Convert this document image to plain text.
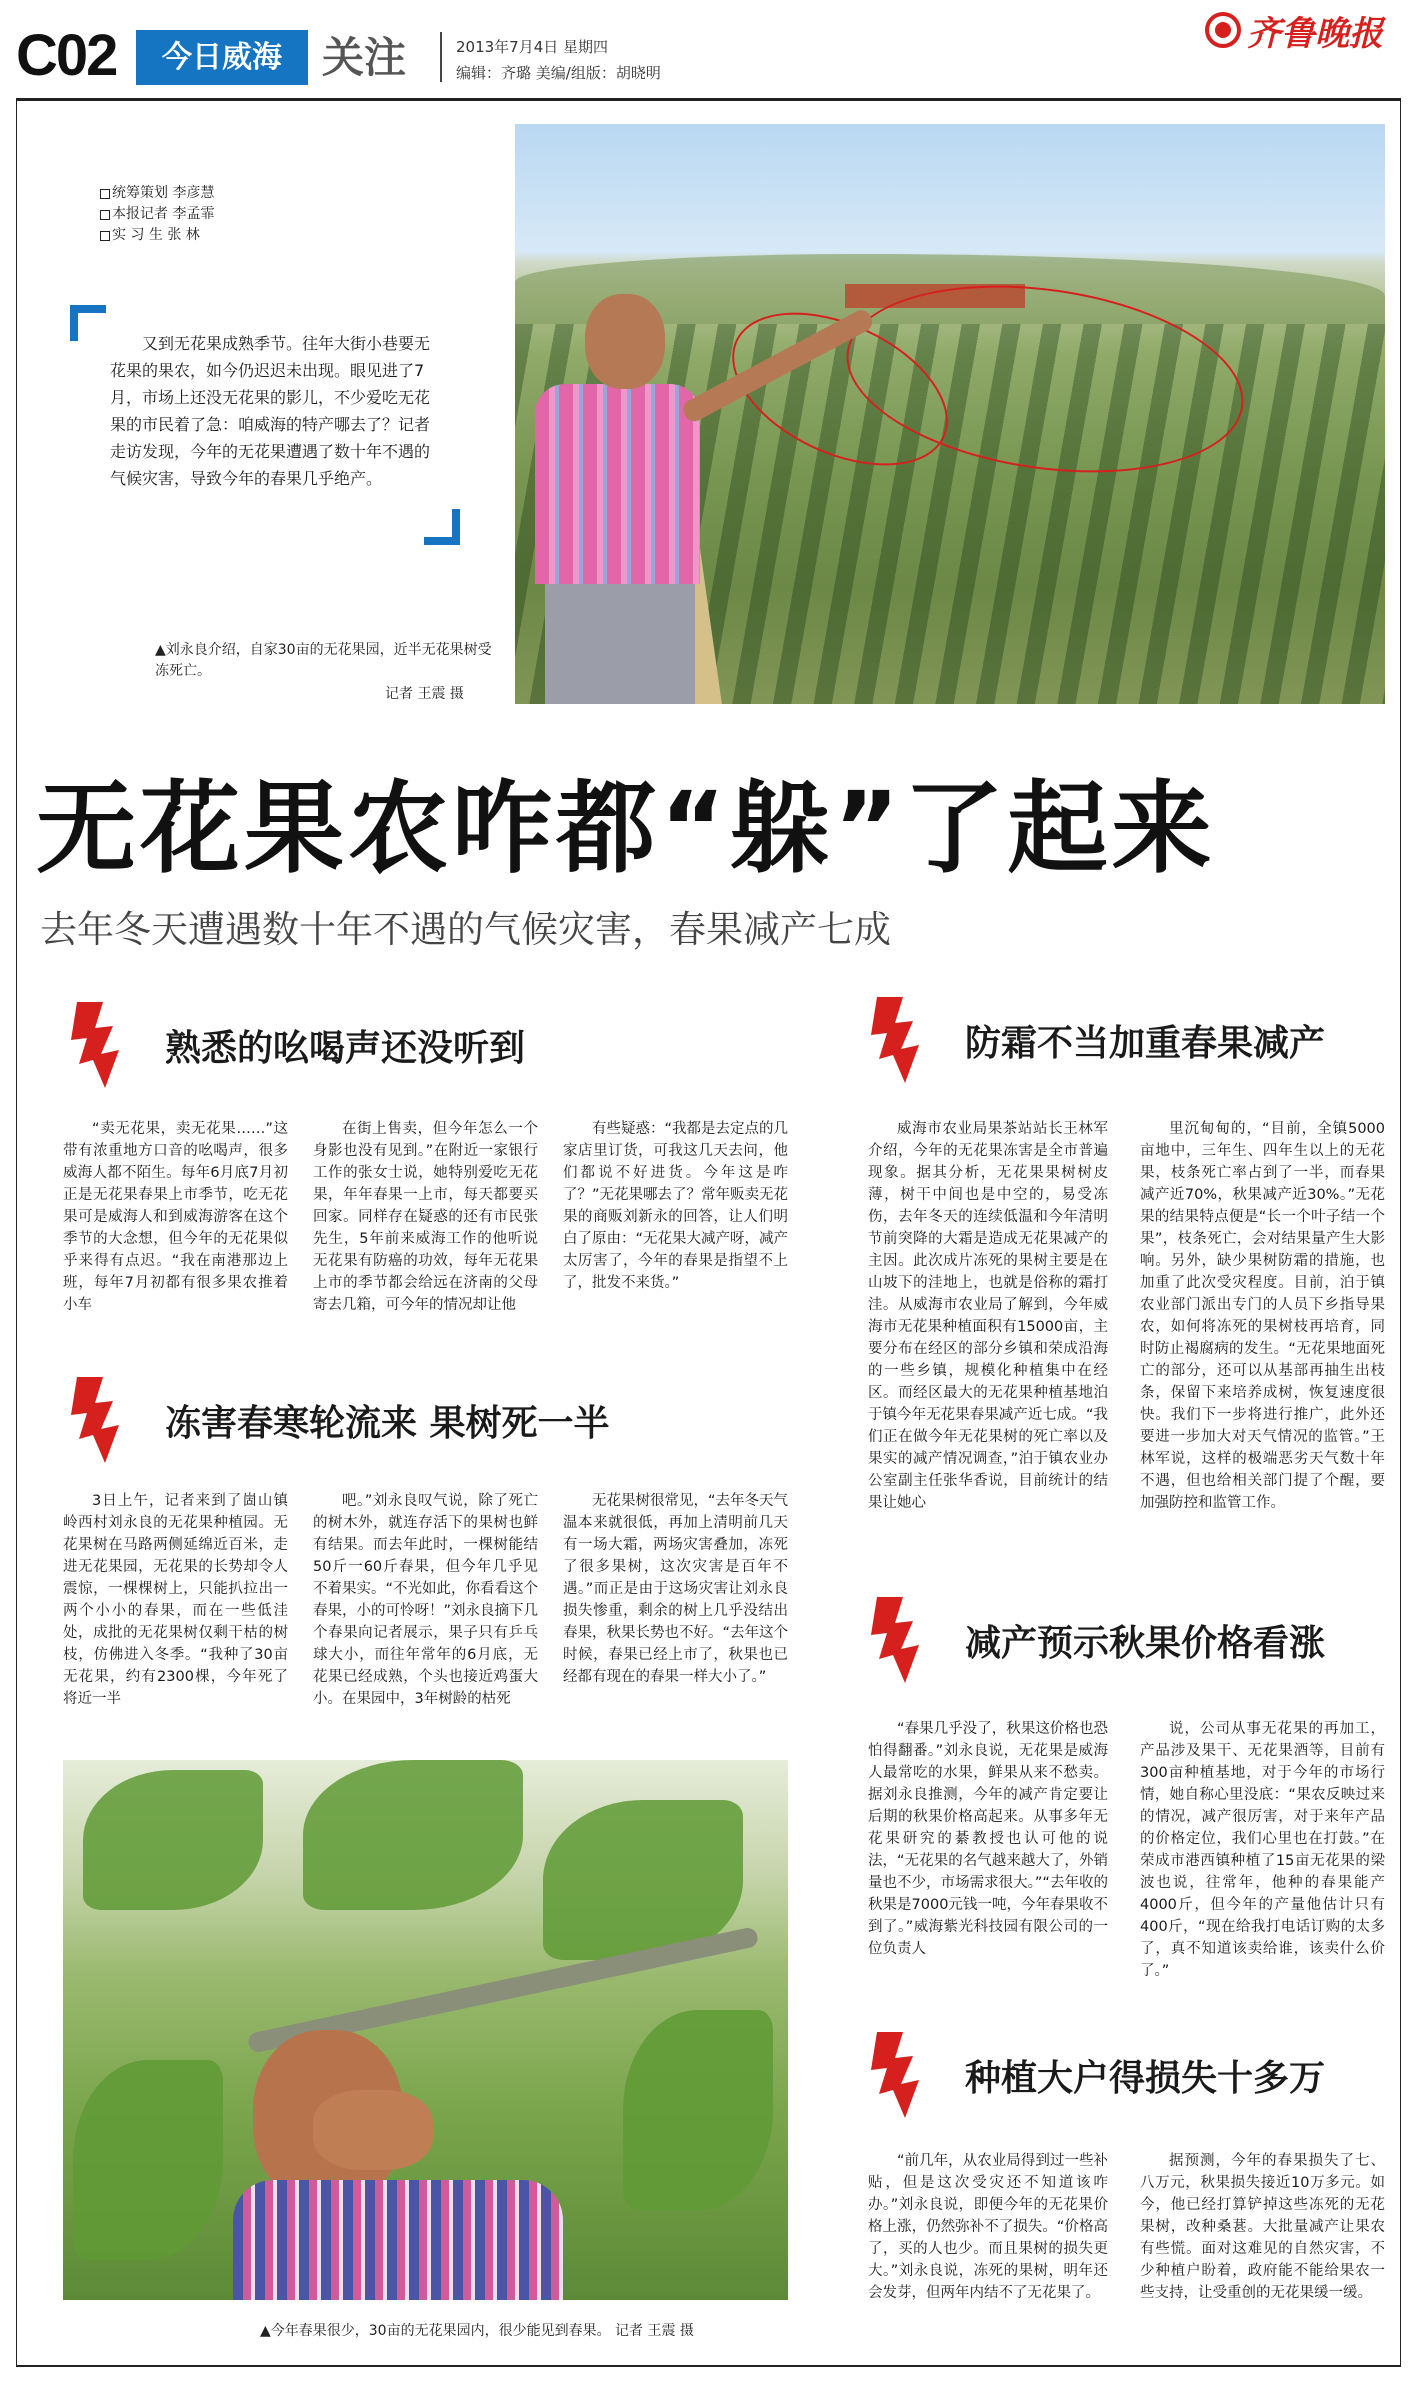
C02	今日威海 关注	2013年7月4日 星期四
编辑：齐璐 美编/组版：胡晓明
齐鲁晚报
统筹策划 李彦慧
本报记者 李孟霏
实 习 生 张 林
又到无花果成熟季节。往年大街小巷要无花果的果农，如今仍迟迟未出现。眼见进了7月，市场上还没无花果的影儿，不少爱吃无花果的市民着了急：咱威海的特产哪去了？记者走访发现，今年的无花果遭遇了数十年不遇的气候灾害，导致今年的春果几乎绝产。
▲刘永良介绍，自家30亩的无花果园，近半无花果树受冻死亡。
记者 王震 摄
无花果农咋都“躲”了起来
去年冬天遭遇数十年不遇的气候灾害，春果减产七成
熟悉的吆喝声还没听到

“卖无花果，卖无花果……”这带有浓重地方口音的吆喝声，很多威海人都不陌生。每年6月底7月初正是无花果春果上市季节，吃无花果可是威海人和到威海游客在这个季节的大念想，但今年的无花果似乎来得有点迟。“我在南港那边上班，每年7月初都有很多果农推着小车

在街上售卖，但今年怎么一个身影也没有见到。”在附近一家银行工作的张女士说，她特别爱吃无花果，年年春果一上市，每天都要买回家。同样存在疑惑的还有市民张先生，5年前来威海工作的他听说无花果有防癌的功效，每年无花果上市的季节都会给远在济南的父母寄去几箱，可今年的情况却让他

有些疑惑：“我都是去定点的几家店里订货，可我这几天去问，他们都说不好进货。今年这是咋了？”无花果哪去了？常年贩卖无花果的商贩刘新永的回答，让人们明白了原由：“无花果大减产呀，减产太厉害了，今年的春果是指望不上了，批发不来货。”

冻害春寒轮流来 果树死一半

3日上午，记者来到了崮山镇岭西村刘永良的无花果种植园。无花果树在马路两侧延绵近百米，走进无花果园，无花果的长势却令人震惊，一棵棵树上，只能扒拉出一两个小小的春果，而在一些低洼处，成批的无花果树仅剩干枯的树枝，仿佛进入冬季。“我种了30亩无花果，约有2300棵，今年死了将近一半

吧。”刘永良叹气说，除了死亡的树木外，就连存活下的果树也鲜有结果。而去年此时，一棵树能结50斤一60斤春果，但今年几乎见不着果实。“不光如此，你看看这个春果，小的可怜呀！”刘永良摘下几个春果向记者展示，果子只有乒乓球大小，而往年常年的6月底，无花果已经成熟，个头也接近鸡蛋大小。在果园中，3年树龄的枯死

无花果树很常见，“去年冬天气温本来就很低，再加上清明前几天有一场大霜，两场灾害叠加，冻死了很多果树，这次灾害是百年不遇。”而正是由于这场灾害让刘永良损失惨重，剩余的树上几乎没结出春果，秋果长势也不好。“去年这个时候，春果已经上市了，秋果也已经都有现在的春果一样大小了。”

▲今年春果很少，30亩的无花果园内，很少能见到春果。 记者 王震 摄
防霜不当加重春果减产

威海市农业局果茶站站长王林军介绍，今年的无花果冻害是全市普遍现象。据其分析，无花果果树树皮薄，树干中间也是中空的，易受冻伤，去年冬天的连续低温和今年清明节前突降的大霜是造成无花果减产的主因。此次成片冻死的果树主要是在山坡下的洼地上，也就是俗称的霜打洼。从威海市农业局了解到，今年威海市无花果种植面积有15000亩，主要分布在经区的部分乡镇和荣成沿海的一些乡镇，规模化种植集中在经区。而经区最大的无花果种植基地泊于镇今年无花果春果减产近七成。“我们正在做今年无花果树的死亡率以及果实的减产情况调查，”泊于镇农业办公室副主任张华香说，目前统计的结果让她心

里沉甸甸的，“目前，全镇5000亩地中，三年生、四年生以上的无花果，枝条死亡率占到了一半，而春果减产近70%，秋果减产近30%。”无花果的结果特点便是“长一个叶子结一个果”，枝条死亡，会对结果量产生大影响。另外，缺少果树防霜的措施，也加重了此次受灾程度。目前，泊于镇农业部门派出专门的人员下乡指导果农，如何将冻死的果树枝再培育，同时防止褐腐病的发生。“无花果地面死亡的部分，还可以从基部再抽生出枝条，保留下来培养成树，恢复速度很快。我们下一步将进行推广，此外还要进一步加大对天气情况的监管。”王林军说，这样的极端恶劣天气数十年不遇，但也给相关部门提了个醒，要加强防控和监管工作。

减产预示秋果价格看涨

“春果几乎没了，秋果这价格也恐怕得翻番。”刘永良说，无花果是威海人最常吃的水果，鲜果从来不愁卖。据刘永良推测，今年的减产肯定要让后期的秋果价格高起来。从事多年无花果研究的綦教授也认可他的说法，“无花果的名气越来越大了，外销量也不少，市场需求很大。”“去年收的秋果是7000元钱一吨，今年春果收不到了。”威海紫光科技园有限公司的一位负责人

说，公司从事无花果的再加工，产品涉及果干、无花果酒等，目前有300亩种植基地，对于今年的市场行情，她自称心里没底：“果农反映过来的情况，减产很厉害，对于来年产品的价格定位，我们心里也在打鼓。”在荣成市港西镇种植了15亩无花果的梁波也说，往常年，他种的春果能产4000斤，但今年的产量他估计只有400斤，“现在给我打电话订购的太多了，真不知道该卖给谁，该卖什么价了。”

种植大户得损失十多万

“前几年，从农业局得到过一些补贴，但是这次受灾还不知道该咋办。”刘永良说，即便今年的无花果价格上涨，仍然弥补不了损失。“价格高了，买的人也少。而且果树的损失更大。”刘永良说，冻死的果树，明年还会发芽，但两年内结不了无花果了。

据预测，今年的春果损失了七、八万元，秋果损失接近10万多元。如今，他已经打算铲掉这些冻死的无花果树，改种桑葚。大批量减产让果农有些慌。面对这难见的自然灾害，不少种植户盼着，政府能不能给果农一些支持，让受重创的无花果缓一缓。
